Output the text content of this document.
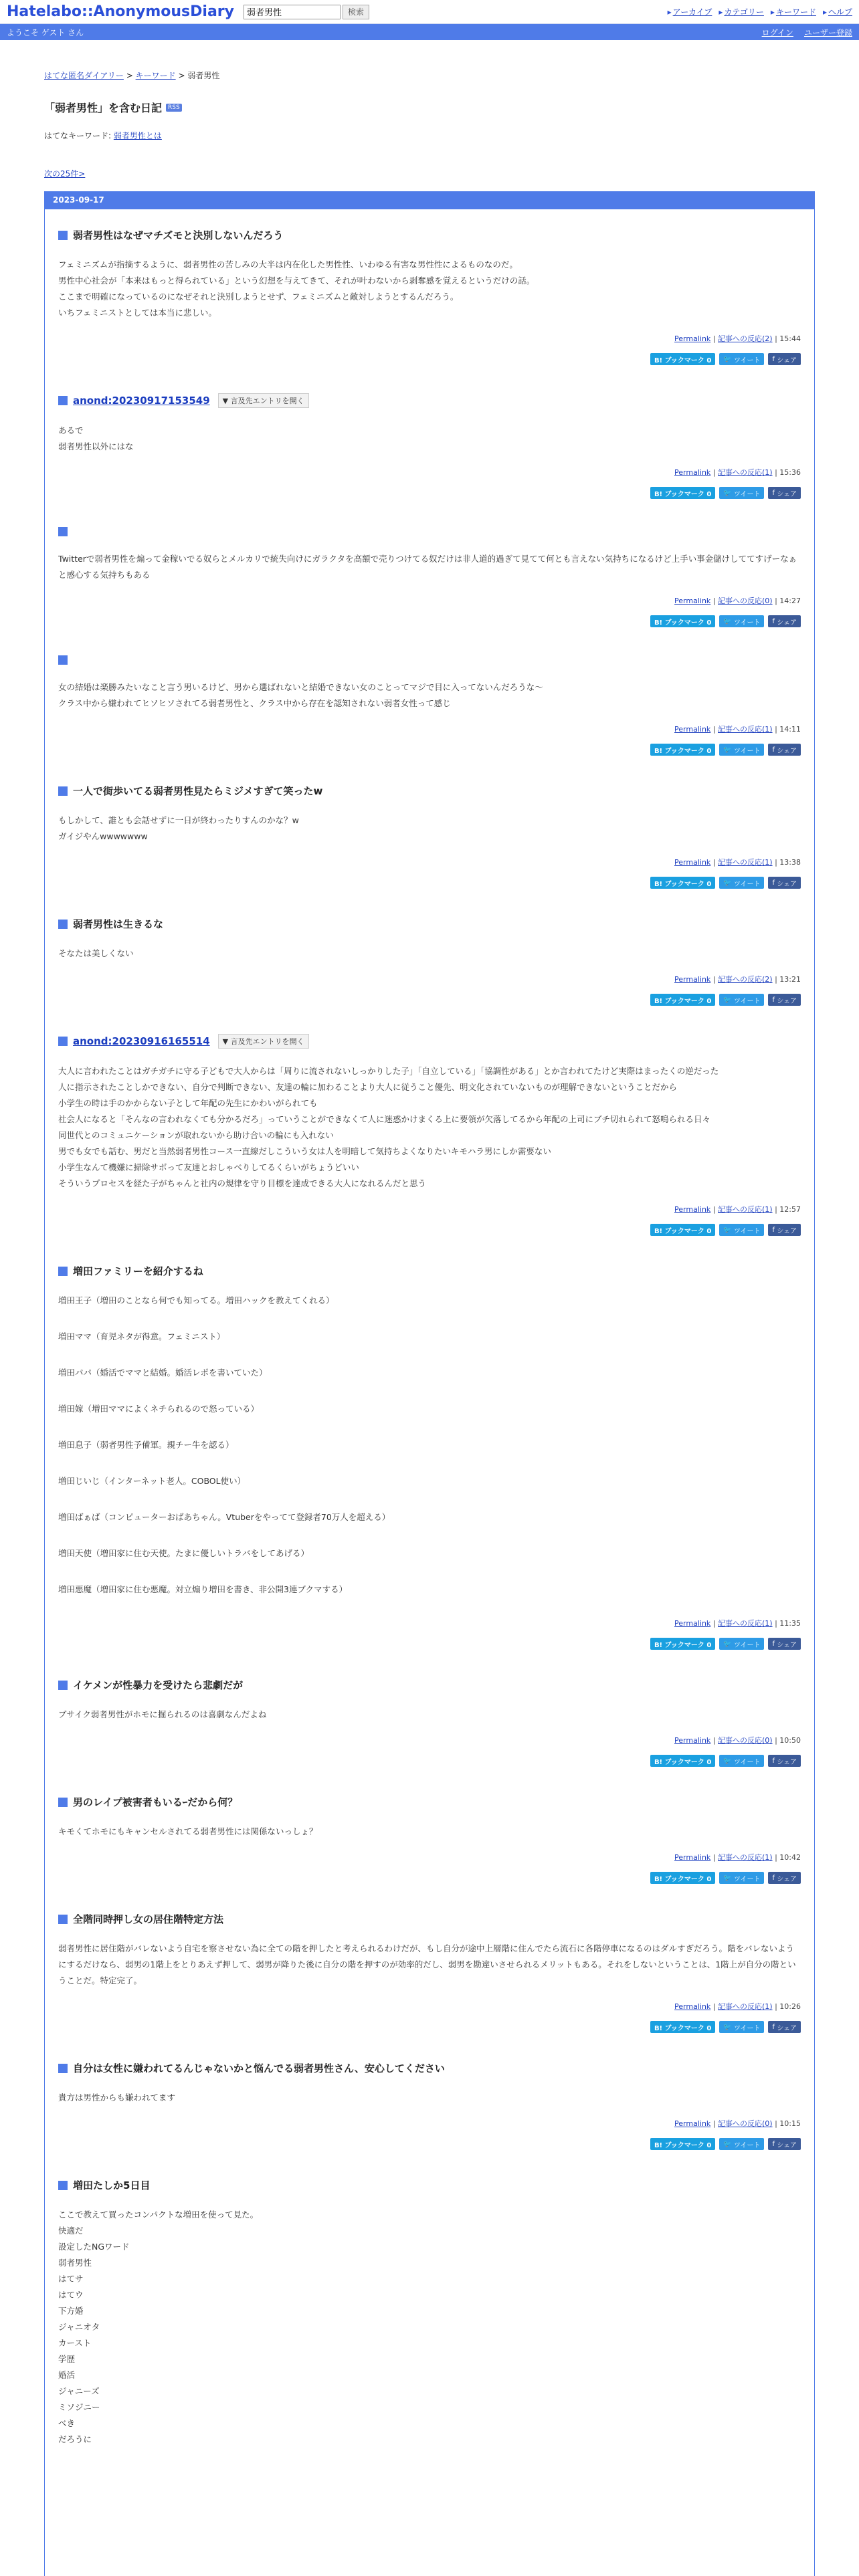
Hatelabo::AnonymousDiary
弱者男性	検索	▸ アーカイブ	▸ カテゴリー	▸ キーワード	▸ ヘルプ
ようこそ ゲスト さん	ログイン ユーザー登録
はてな匿名ダイアリー > キーワード > 弱者男性
「弱者男性」を含む日記	RSS
はてなキーワード: 弱者男性とは
次の25件>
2023-09-17
弱者男性はなぜマチズモと決別しないんだろう

フェミニズムが指摘するように、弱者男性の苦しみの大半は内在化した男性性、いわゆる有害な男性性によるものなのだ。

男性中心社会が「本来はもっと得られている」という幻想を与えてきて、それが叶わないから剥奪感を覚えるというだけの話。

ここまで明確になっているのになぜそれと決別しようとせず、フェミニズムと敵対しようとするんだろう。

いちフェミニストとしては本当に悲しい。

Permalink | 記事への反応(2) | 15:44
B! ブックマーク 0	🐦 ツイート f シェア
anond:20230917153549	▼ 言及先エントリを開く

あるで

弱者男性以外にはな

Permalink | 記事への反応(1) | 15:36
B! ブックマーク 0	🐦 ツイート f シェア

Twitterで弱者男性を煽って金稼いでる奴らとメルカリで統失向けにガラクタを高額で売りつけてる奴だけは非人道的過ぎて見てて何とも言えない気持ちになるけど上手い事金儲けしててすげーなぁと感心する気持ちもある

Permalink | 記事への反応(0) | 14:27
B! ブックマーク 0	🐦 ツイート f シェア

女の結婚は楽勝みたいなこと言う男いるけど、男から選ばれないと結婚できない女のことってマジで目に入ってないんだろうな〜

クラス中から嫌われてヒソヒソされてる弱者男性と、クラス中から存在を認知されない弱者女性って感じ

Permalink | 記事への反応(1) | 14:11
B! ブックマーク 0	🐦 ツイート f シェア
一人で街歩いてる弱者男性見たらミジメすぎて笑ったw

もしかして、誰とも会話せずに一日が終わったりすんのかな？w

ガイジやんwwwwwww

Permalink | 記事への反応(1) | 13:38
B! ブックマーク 0	🐦 ツイート f シェア
弱者男性は生きるな

そなたは美しくない

Permalink | 記事への反応(2) | 13:21
B! ブックマーク 0	🐦 ツイート f シェア
anond:20230916165514	▼ 言及先エントリを開く

大人に言われたことはガチガチに守る子どもで大人からは「周りに流されないしっかりした子」「自立している」「協調性がある」とか言われてたけど実際はまったくの逆だった

人に指示されたことしかできない、自分で判断できない、友達の輪に加わることより大人に従うこと優先、明文化されていないものが理解できないということだから

小学生の時は手のかからない子として年配の先生にかわいがられても

社会人になると「そんなの言われなくても分かるだろ」っていうことができなくて人に迷惑かけまくる上に要領が欠落してるから年配の上司にブチ切れられて怒鳴られる日々

同世代とのコミュニケーションが取れないから助け合いの輪にも入れない

男でも女でも話む、男だと当然弱者男性コース一直線だしこういう女は人を明暗して気持ちよくなりたいキモハラ男にしか需要ない

小学生なんて機嫌に掃除サボって友達とおしゃべりしてるくらいがちょうどいい

そういうプロセスを経た子がちゃんと社内の規律を守り目標を達成できる大人になれるんだと思う

Permalink | 記事への反応(1) | 12:57
B! ブックマーク 0	🐦 ツイート f シェア
増田ファミリーを紹介するね

増田王子（増田のことなら何でも知ってる。増田ハックを教えてくれる）

増田ママ（育児ネタが得意。フェミニスト）

増田パパ（婚活でママと結婚。婚活レポを書いていた）

増田嫁（増田ママによくネチられるので怒っている）

増田息子（弱者男性予備軍。親チー牛を認る）

増田じいじ（インターネット老人。COBOL使い）

増田ばぁば（コンピューターおばあちゃん。Vtuberをやってて登録者70万人を超える）

増田天使（増田家に住む天使。たまに優しいトラバをしてあげる）

増田悪魔（増田家に住む悪魔。対立煽り増田を書き、非公開3連ブクマする）

Permalink | 記事への反応(1) | 11:35
B! ブックマーク 0	🐦 ツイート f シェア
イケメンが性暴力を受けたら悲劇だが

ブサイク弱者男性がホモに掘られるのは喜劇なんだよね

Permalink | 記事への反応(0) | 10:50
B! ブックマーク 0	🐦 ツイート f シェア
男のレイプ被害者もいるｰだから何？

キモくてホモにもキャンセルされてる弱者男性には関係ないっしょ？

Permalink | 記事への反応(1) | 10:42
B! ブックマーク 0	🐦 ツイート f シェア
全階同時押し女の居住階特定方法

弱者男性に居住階がバレないよう自宅を察させない為に全ての階を押したと考えられるわけだが、もし自分が途中上層階に住んでたら流石に各階停車になるのはダルすぎだろう。階をバレないようにするだけなら、弱男の1階上をとりあえず押して、弱男が降りた後に自分の階を押すのが効率的だし、弱男を勘違いさせられるメリットもある。それをしないということは、1階上が自分の階ということだ。特定完了。

Permalink | 記事への反応(1) | 10:26
B! ブックマーク 0	🐦 ツイート f シェア
自分は女性に嫌われてるんじゃないかと悩んでる弱者男性さん、安心してください

貴方は男性からも嫌われてます

Permalink | 記事への反応(0) | 10:15
B! ブックマーク 0	🐦 ツイート f シェア
増田たしか5日目

ここで教えて買ったコンパクトな増田を使って見た。

快適だ

設定したNGワード

弱者男性

はてサ

はてウ

下方婚

ジャニオタ

カースト

学歴

婚活

ジャニーズ

ミソジニー

べき

だろうに
